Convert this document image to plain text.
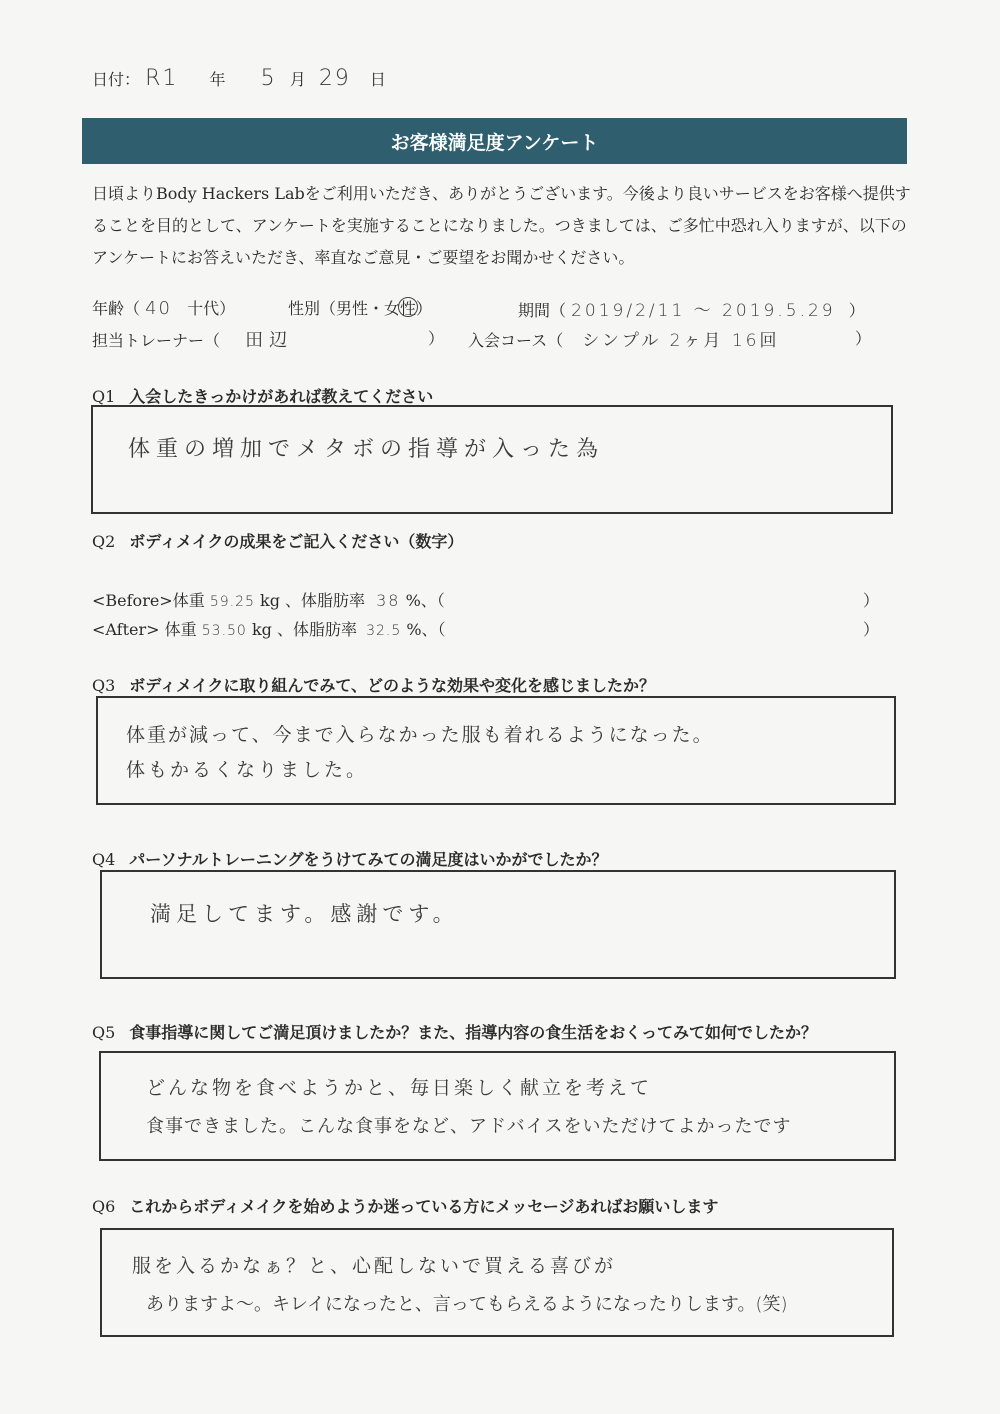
日付： R1 年 5 月 29 日
お客様満足度アンケート
日頃よりBody Hackers Labをご利用いただき、ありがとうございます。今後より良いサービスをお客様へ提供することを目的として、アンケートを実施することになりました。つきましては、ご多忙中恐れ入りますが、以下のアンケートにお答えいただき、率直なご意見・ご要望をお聞かせください。
年齢（ 40 十代）	性別（男性・女性）	期間（ 2019/2/11 ～ 2019.5.29 ）
担当トレーナー（ 田辺	） 入会コース（ シンプル 2ヶ月 16回	）
Q1 入会したきっかけがあれば教えてください
体重の増加でメタボの指導が入った為
Q2 ボディメイクの成果をご記入ください（数字）
<Before>体重 59.25 kg 、体脂肪率 38 %、（	）
<After> 体重 53.50 kg 、体脂肪率 32.5 %、（	）
Q3 ボディメイクに取り組んでみて、どのような効果や変化を感じましたか？
体重が減って、今まで入らなかった服も着れるようになった。
体もかるくなりました。
Q4 パーソナルトレーニングをうけてみての満足度はいかがでしたか？
満足してます。感謝です。
Q5 食事指導に関してご満足頂けましたか？また、指導内容の食生活をおくってみて如何でしたか？
どんな物を食べようかと、毎日楽しく献立を考えて
食事できました。こんな食事をなど、アドバイスをいただけてよかったです
Q6 これからボディメイクを始めようか迷っている方にメッセージあればお願いします
服を入るかなぁ？と、心配しないで買える喜びが
ありますよ～。キレイになったと、言ってもらえるようになったりします。(笑)
